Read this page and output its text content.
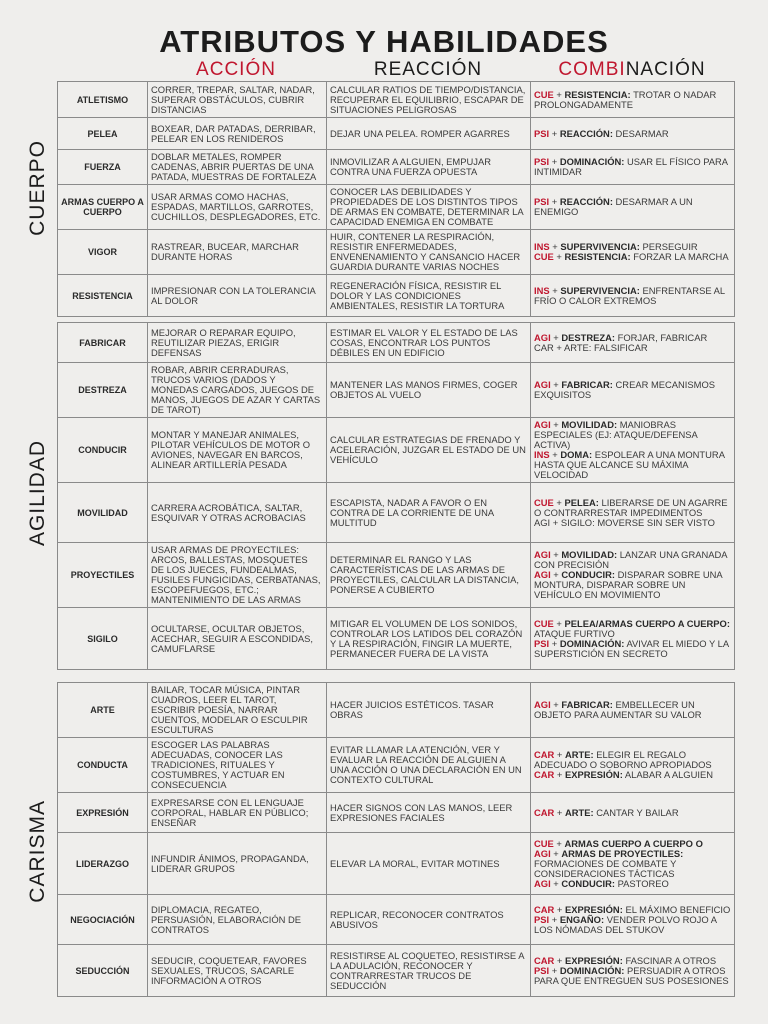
ATRIBUTOS Y HABILIDADES
ACCIÓN	REACCIÓN	COMBINACIÓN
ATLETISMO	CORRER, TREPAR, SALTAR, NADAR, SUPERAR OBSTÁCULOS, CUBRIR DISTANCIAS	CALCULAR RATIOS DE TIEMPO/DISTANCIA, RECUPERAR EL EQUILIBRIO, ESCAPAR DE SITUACIONES PELIGROSAS	CUE + RESISTENCIA: TROTAR O NADAR PROLONGADAMENTE

PELEA	BOXEAR, DAR PATADAS, DERRIBAR, PELEAR EN LOS RENIDEROS	DEJAR UNA PELEA. ROMPER AGARRES	PSI + REACCIÓN: DESARMAR

FUERZA	DOBLAR METALES, ROMPER CADENAS, ABRIR PUERTAS DE UNA PATADA, MUESTRAS DE FORTALEZA	INMOVILIZAR A ALGUIEN, EMPUJAR CONTRA UNA FUERZA OPUESTA	PSI + DOMINACIÓN: USAR EL FÍSICO PARA INTIMIDAR

ARMAS CUERPO A CUERPO	USAR ARMAS COMO HACHAS, ESPADAS, MARTILLOS, GARROTES, CUCHILLOS, DESPLEGADORES, ETC.	CONOCER LAS DEBILIDADES Y PROPIEDADES DE LOS DISTINTOS TIPOS DE ARMAS EN COMBATE, DETERMINAR LA CAPACIDAD ENEMIGA EN COMBATE	PSI + REACCIÓN: DESARMAR A UN ENEMIGO

VIGOR	RASTREAR, BUCEAR, MARCHAR DURANTE HORAS	HUIR, CONTENER LA RESPIRACIÓN, RESISTIR ENFERMEDADES, ENVENENAMIENTO Y CANSANCIO HACER GUARDIA DURANTE VARIAS NOCHES	INS + SUPERVIVENCIA: PERSEGUIR
CUE + RESISTENCIA: FORZAR LA MARCHA

RESISTENCIA	IMPRESIONAR CON LA TOLERANCIA AL DOLOR	REGENERACIÓN FÍSICA, RESISTIR EL DOLOR Y LAS CONDICIONES AMBIENTALES, RESISTIR LA TORTURA	INS + SUPERVIVENCIA: ENFRENTARSE AL FRÍO O CALOR EXTREMOS
CUERPO
FABRICAR	MEJORAR O REPARAR EQUIPO, REUTILIZAR PIEZAS, ERIGIR DEFENSAS	ESTIMAR EL VALOR Y EL ESTADO DE LAS COSAS, ENCONTRAR LOS PUNTOS DÉBILES EN UN EDIFICIO	AGI + DESTREZA: FORJAR, FABRICAR
CAR + ARTE: FALSIFICAR

DESTREZA	ROBAR, ABRIR CERRADURAS, TRUCOS VARIOS (DADOS Y MONEDAS CARGADOS, JUEGOS DE MANOS, JUEGOS DE AZAR Y CARTAS DE TAROT)	MANTENER LAS MANOS FIRMES, COGER OBJETOS AL VUELO	AGI + FABRICAR: CREAR MECANISMOS EXQUISITOS

CONDUCIR	MONTAR Y MANEJAR ANIMALES, PILOTAR VEHÍCULOS DE MOTOR O AVIONES, NAVEGAR EN BARCOS, ALINEAR ARTILLERÍA PESADA	CALCULAR ESTRATEGIAS DE FRENADO Y ACELERACIÓN, JUZGAR EL ESTADO DE UN VEHÍCULO	AGI + MOVILIDAD: MANIOBRAS ESPECIALES (EJ: ATAQUE/DEFENSA ACTIVA)
INS + DOMA: ESPOLEAR A UNA MONTURA HASTA QUE ALCANCE SU MÁXIMA VELOCIDAD

MOVILIDAD	CARRERA ACROBÁTICA, SALTAR, ESQUIVAR Y OTRAS ACROBACIAS	ESCAPISTA, NADAR A FAVOR O EN CONTRA DE LA CORRIENTE DE UNA MULTITUD	CUE + PELEA: LIBERARSE DE UN AGARRE O CONTRARRESTAR IMPEDIMENTOS
AGI + SIGILO: MOVERSE SIN SER VISTO

PROYECTILES	USAR ARMAS DE PROYECTILES: ARCOS, BALLESTAS, MOSQUETES DE LOS JUECES, FUNDEALMAS, FUSILES FUNGICIDAS, CERBATANAS, ESCOPEFUEGOS, ETC.; MANTENIMIENTO DE LAS ARMAS	DETERMINAR EL RANGO Y LAS CARACTERÍSTICAS DE LAS ARMAS DE PROYECTILES, CALCULAR LA DISTANCIA, PONERSE A CUBIERTO	AGI + MOVILIDAD: LANZAR UNA GRANADA CON PRECISIÓN
AGI + CONDUCIR: DISPARAR SOBRE UNA MONTURA, DISPARAR SOBRE UN VEHÍCULO EN MOVIMIENTO

SIGILO	OCULTARSE, OCULTAR OBJETOS, ACECHAR, SEGUIR A ESCONDIDAS, CAMUFLARSE	MITIGAR EL VOLUMEN DE LOS SONIDOS, CONTROLAR LOS LATIDOS DEL CORAZÓN Y LA RESPIRACIÓN, FINGIR LA MUERTE, PERMANECER FUERA DE LA VISTA	CUE + PELEA/ARMAS CUERPO A CUERPO: ATAQUE FURTIVO
PSI + DOMINACIÓN: AVIVAR EL MIEDO Y LA SUPERSTICIÓN EN SECRETO
AGILIDAD
ARTE	BAILAR, TOCAR MÚSICA, PINTAR CUADROS, LEER EL TAROT, ESCRIBIR POESÍA, NARRAR CUENTOS, MODELAR O ESCULPIR ESCULTURAS	HACER JUICIOS ESTÉTICOS. TASAR OBRAS	AGI + FABRICAR: EMBELLECER UN OBJETO PARA AUMENTAR SU VALOR

CONDUCTA	ESCOGER LAS PALABRAS ADECUADAS, CONOCER LAS TRADICIONES, RITUALES Y COSTUMBRES, Y ACTUAR EN CONSECUENCIA	EVITAR LLAMAR LA ATENCIÓN, VER Y EVALUAR LA REACCIÓN DE ALGUIEN A UNA ACCIÓN O UNA DECLARACIÓN EN UN CONTEXTO CULTURAL	CAR + ARTE: ELEGIR EL REGALO ADECUADO O SOBORNO APROPIADOS
CAR + EXPRESIÓN: ALABAR A ALGUIEN

EXPRESIÓN	EXPRESARSE CON EL LENGUAJE CORPORAL, HABLAR EN PÚBLICO; ENSEÑAR	HACER SIGNOS CON LAS MANOS, LEER EXPRESIONES FACIALES	CAR + ARTE: CANTAR Y BAILAR

LIDERAZGO	INFUNDIR ÁNIMOS, PROPAGANDA, LIDERAR GRUPOS	ELEVAR LA MORAL, EVITAR MOTINES	CUE + ARMAS CUERPO A CUERPO O
AGI + ARMAS DE PROYECTILES: FORMACIONES DE COMBATE Y CONSIDERACIONES TÁCTICAS
AGI + CONDUCIR: PASTOREO

NEGOCIACIÓN	DIPLOMACIA, REGATEO, PERSUASIÓN, ELABORACIÓN DE CONTRATOS	REPLICAR, RECONOCER CONTRATOS ABUSIVOS	CAR + EXPRESIÓN: EL MÁXIMO BENEFICIO
PSI + ENGAÑO: VENDER POLVO ROJO A LOS NÓMADAS DEL STUKOV

SEDUCCIÓN	SEDUCIR, COQUETEAR, FAVORES SEXUALES, TRUCOS, SACARLE INFORMACIÓN A OTROS	RESISTIRSE AL COQUETEO, RESISTIRSE A LA ADULACIÓN, RECONOCER Y CONTRARRESTAR TRUCOS DE SEDUCCIÓN	CAR + EXPRESIÓN: FASCINAR A OTROS
PSI + DOMINACIÓN: PERSUADIR A OTROS PARA QUE ENTREGUEN SUS POSESIONES
CARISMA
